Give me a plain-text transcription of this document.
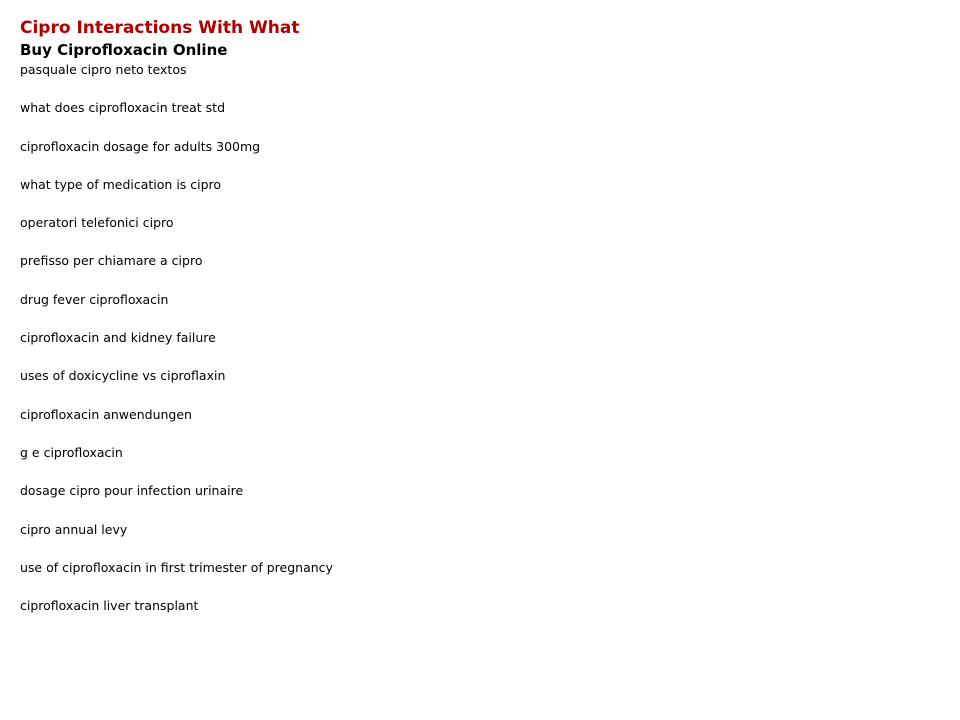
Cipro Interactions With What
Buy Ciprofloxacin Online
pasquale cipro neto textos
what does ciprofloxacin treat std
ciprofloxacin dosage for adults 300mg
what type of medication is cipro
operatori telefonici cipro
prefisso per chiamare a cipro
drug fever ciprofloxacin
ciprofloxacin and kidney failure
uses of doxicycline vs ciproflaxin
ciprofloxacin anwendungen
g e ciprofloxacin
dosage cipro pour infection urinaire
cipro annual levy
use of ciprofloxacin in first trimester of pregnancy
ciprofloxacin liver transplant
